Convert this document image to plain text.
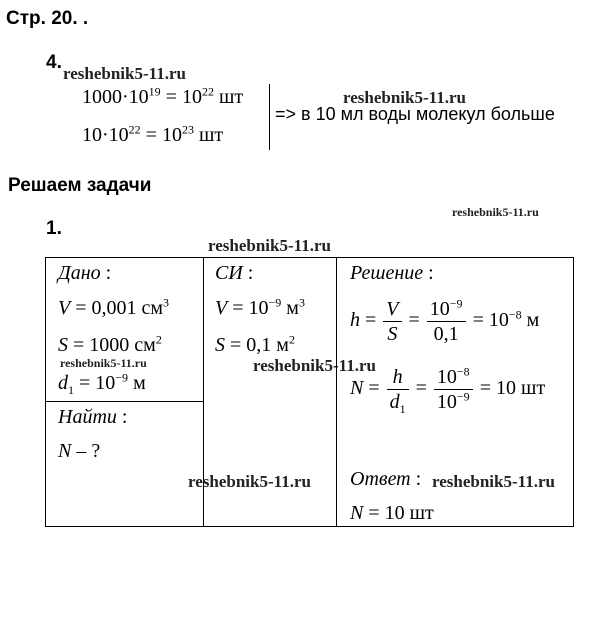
Стр. 20. .
4.
reshebnik5-11.ru
$1000\cdot 10^{19} = 10^{22}$ шт
$10\cdot 10^{22} = 10^{23}$ шт
reshebnik5-11.ru
=> в 10 мл воды молекул больше
Решаем задачи
reshebnik5-11.ru
1.
reshebnik5-11.ru
Дано :
V = 0,001 $см^3$
S = 1000 $см^2$
reshebnik5-11.ru
$d_1 = 10^{-9}$ м
Найти :
N – ?
СИ :
$V = 10^{-9}$ $м^3$
S = 0,1 $м^2$
reshebnik5-11.ru
reshebnik5-11.ru
Решение :
$h = \frac{V}{S} = \frac{10^{-9}}{0,1} = 10^{-8}$ м
$N = \frac{h}{d_1} = \frac{10^{-8}}{10^{-9}} = 10$ шт
Ответ : reshebnik5-11.ru
N = 10 шт
